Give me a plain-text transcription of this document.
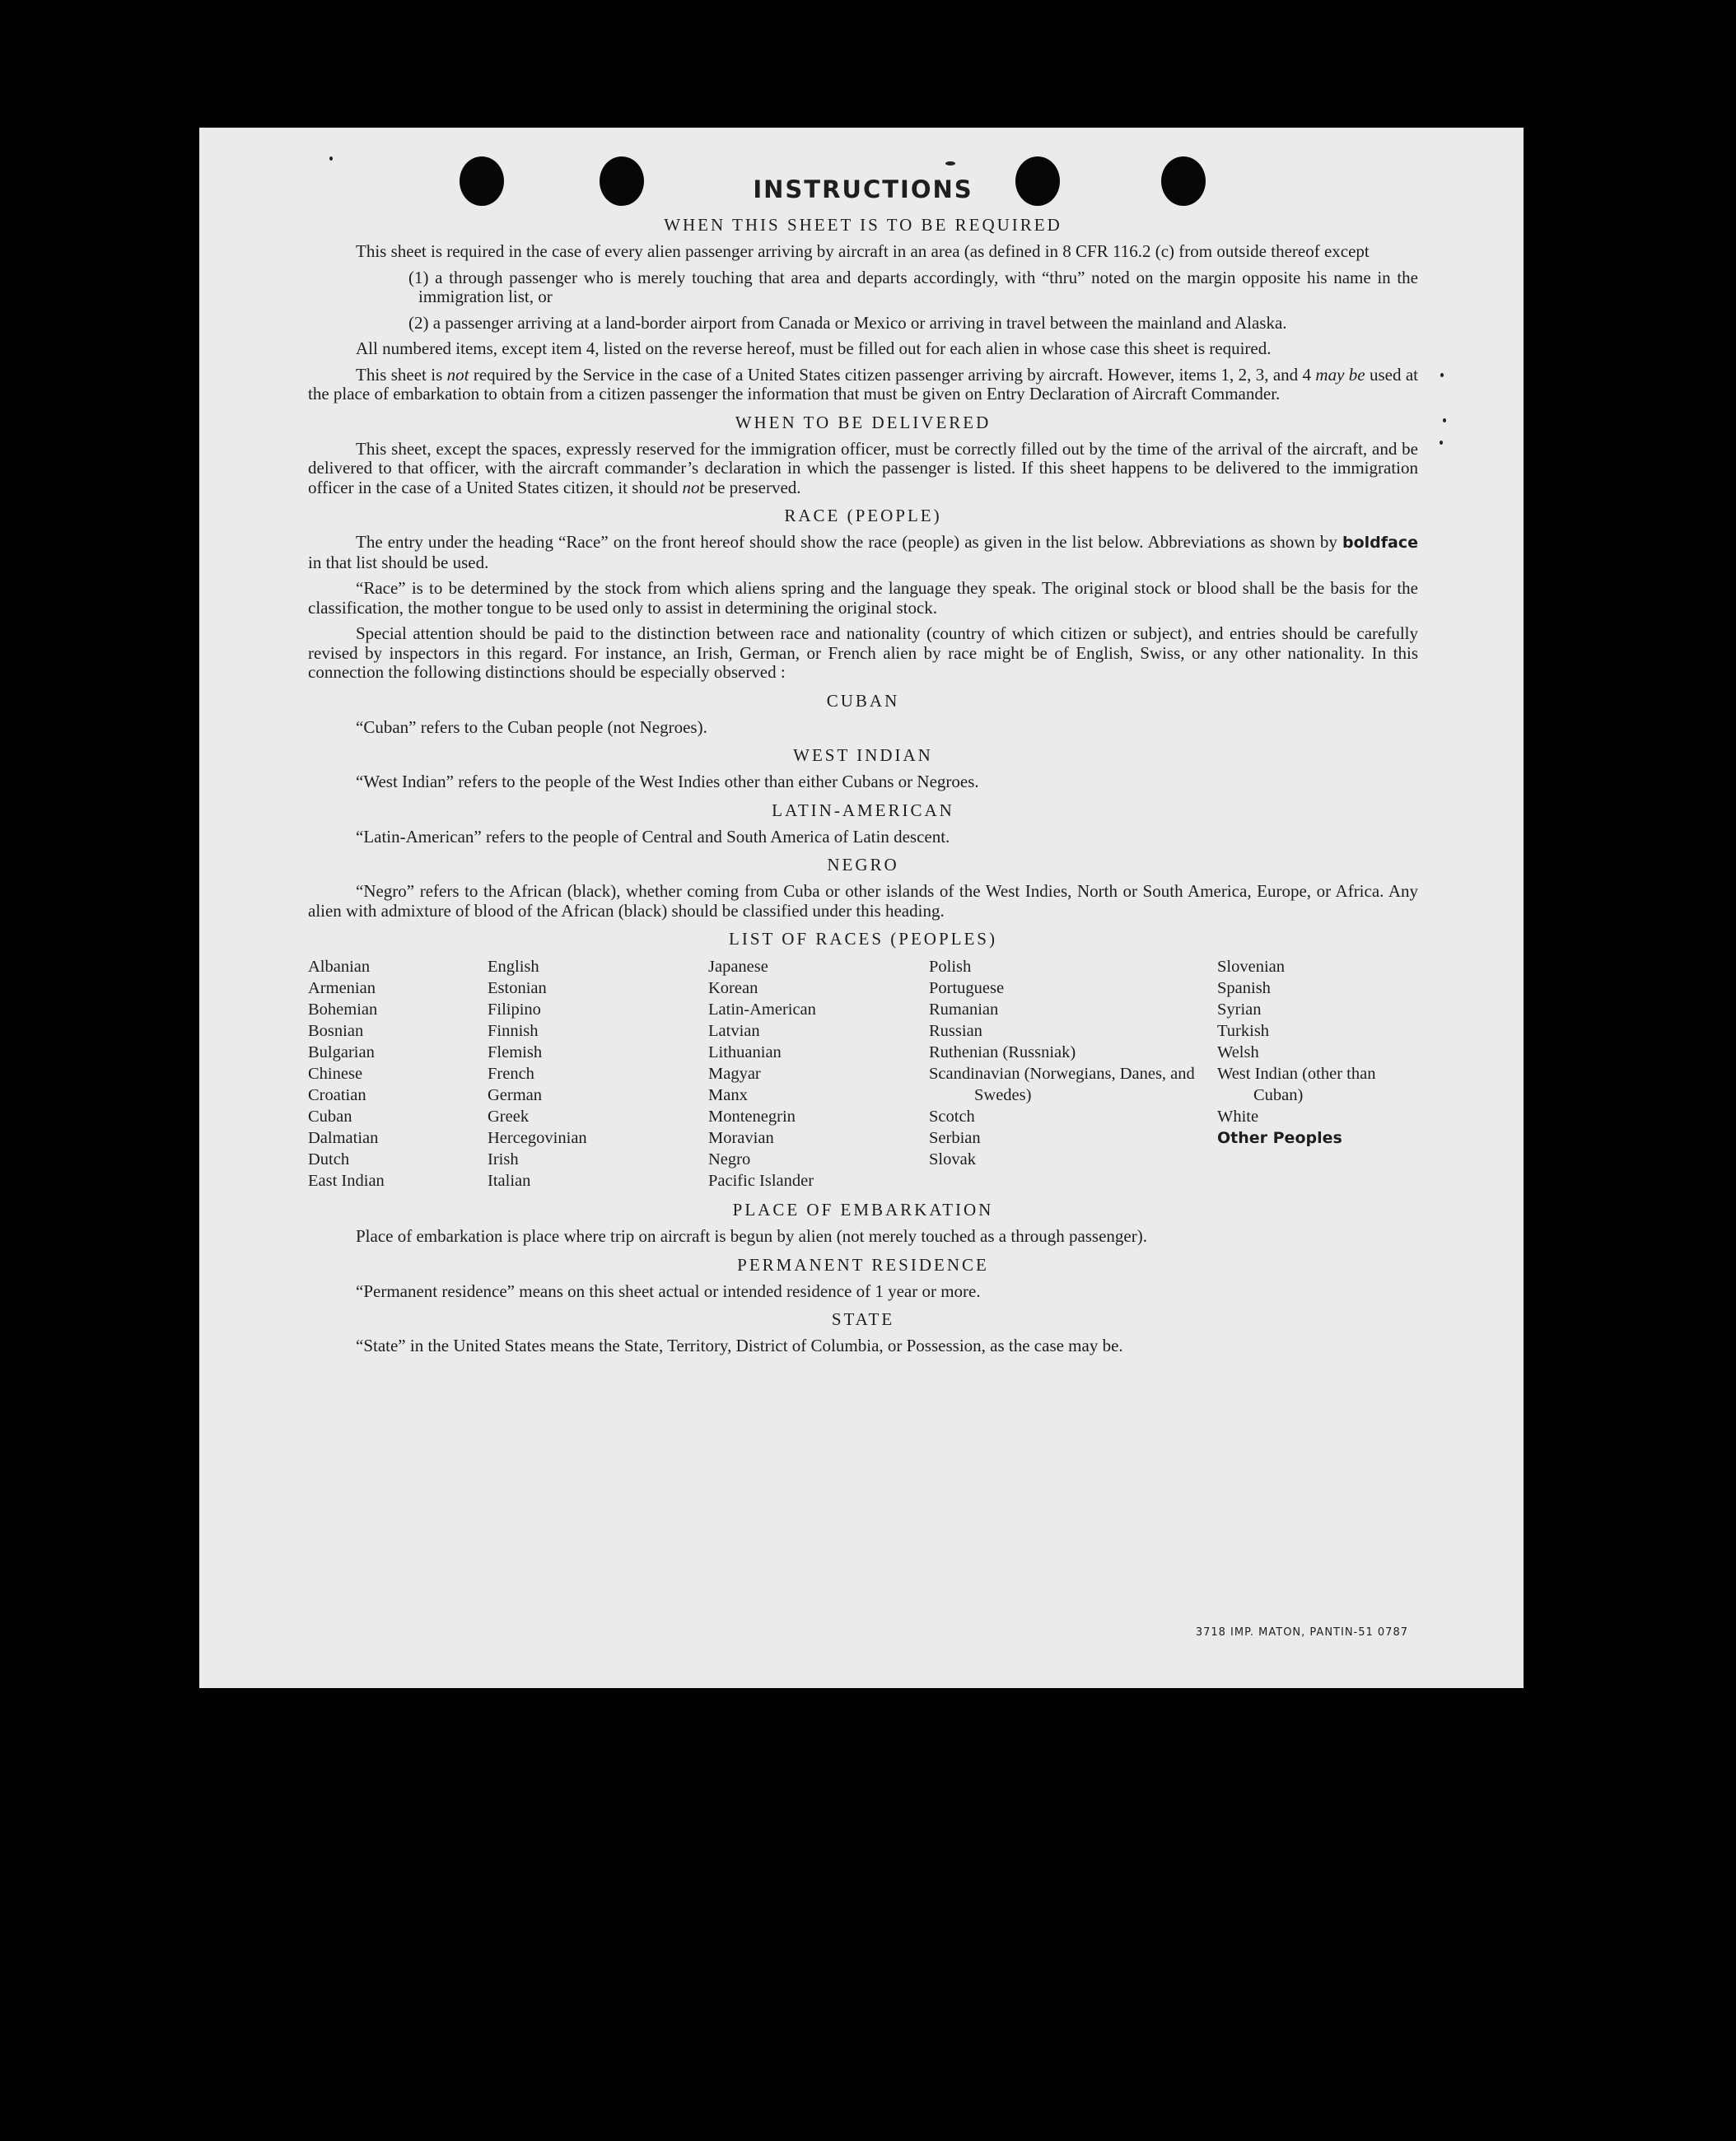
INSTRUCTIONS
WHEN THIS SHEET IS TO BE REQUIRED

This sheet is required in the case of every alien passenger arriving by aircraft in an area (as defined in 8 CFR 116.2 (c) from outside thereof except

(1) a through passenger who is merely touching that area and departs accordingly, with “thru” noted on the margin opposite his name in the immigration list, or

(2) a passenger arriving at a land-border airport from Canada or Mexico or arriving in travel between the mainland and Alaska.

All numbered items, except item 4, listed on the reverse hereof, must be filled out for each alien in whose case this sheet is required.

This sheet is not required by the Service in the case of a United States citizen passenger arriving by aircraft. However, items 1, 2, 3, and 4 may be used at the place of embarkation to obtain from a citizen passenger the information that must be given on Entry Declaration of Aircraft Commander.

WHEN TO BE DELIVERED

This sheet, except the spaces, expressly reserved for the immigration officer, must be correctly filled out by the time of the arrival of the aircraft, and be delivered to that officer, with the aircraft commander’s declaration in which the passenger is listed. If this sheet happens to be delivered to the immigration officer in the case of a United States citizen, it should not be preserved.

RACE (PEOPLE)

The entry under the heading “Race” on the front hereof should show the race (people) as given in the list below. Abbreviations as shown by boldface in that list should be used.

“Race” is to be determined by the stock from which aliens spring and the language they speak. The original stock or blood shall be the basis for the classification, the mother tongue to be used only to assist in determining the original stock.

Special attention should be paid to the distinction between race and nationality (country of which citizen or subject), and entries should be carefully revised by inspectors in this regard. For instance, an Irish, German, or French alien by race might be of English, Swiss, or any other nationality. In this connection the following distinctions should be especially observed :

CUBAN

“Cuban” refers to the Cuban people (not Negroes).

WEST INDIAN

“West Indian” refers to the people of the West Indies other than either Cubans or Negroes.

LATIN-AMERICAN

“Latin-American” refers to the people of Central and South America of Latin descent.

NEGRO

“Negro” refers to the African (black), whether coming from Cuba or other islands of the West Indies, North or South America, Europe, or Africa. Any alien with admixture of blood of the African (black) should be classified under this heading.

LIST OF RACES (PEOPLES)
Albanian
Armenian
Bohemian
Bosnian
Bulgarian
Chinese
Croatian
Cuban
Dalmatian
Dutch
East Indian
English
Estonian
Filipino
Finnish
Flemish
French
German
Greek
Hercegovinian
Irish
Italian
Japanese
Korean
Latin-American
Latvian
Lithuanian
Magyar
Manx
Montenegrin
Moravian
Negro
Pacific Islander
Polish
Portuguese
Rumanian
Russian
Ruthenian (Russniak)
Scandinavian (Norwegians, Danes, and Swedes)
Scotch
Serbian
Slovak
Slovenian
Spanish
Syrian
Turkish
Welsh
West Indian (other than Cuban)
White
Other Peoples
PLACE OF EMBARKATION

Place of embarkation is place where trip on aircraft is begun by alien (not merely touched as a through passenger).

PERMANENT RESIDENCE

“Permanent residence” means on this sheet actual or intended residence of 1 year or more.

STATE

“State” in the United States means the State, Territory, District of Columbia, or Possession, as the case may be.

3718 IMP. MATON, PANTIN-51 0787
